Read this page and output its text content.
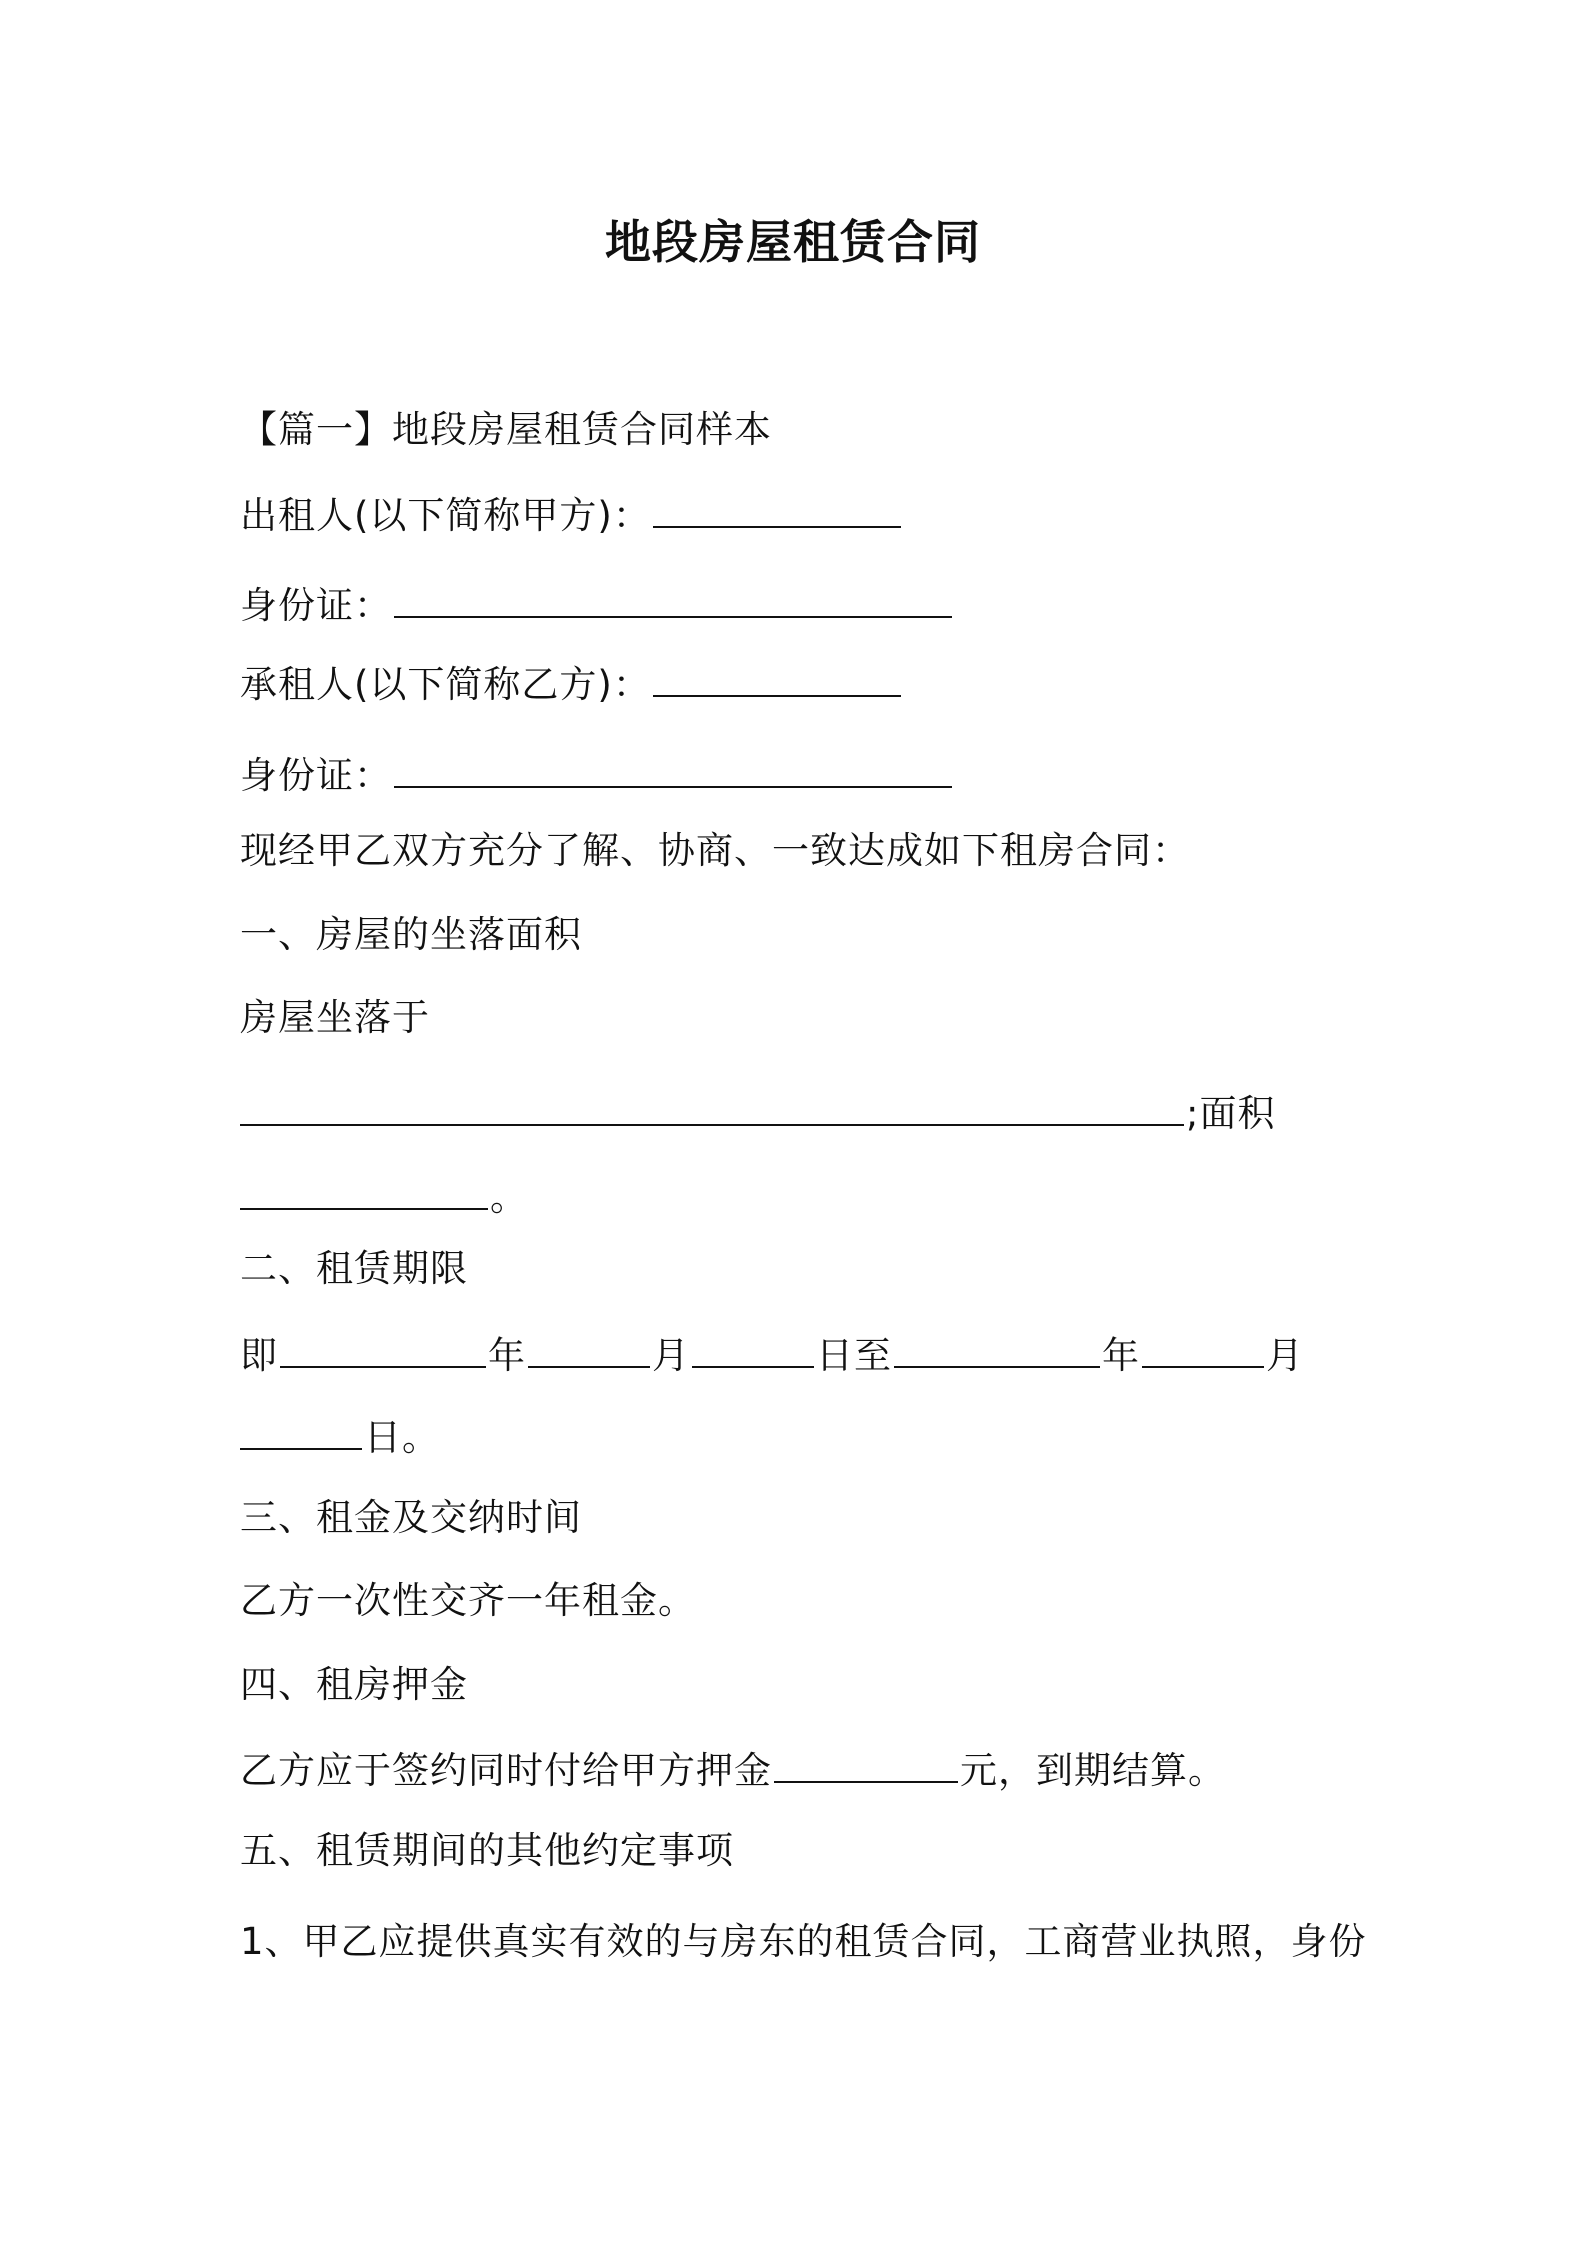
地段房屋租赁合同
【篇一】地段房屋租赁合同样本
出租人(以下简称甲方)：
身份证：
承租人(以下简称乙方)：
身份证：
现经甲乙双方充分了解、协商、一致达成如下租房合同：
一、房屋的坐落面积
房屋坐落于
;面积
。
二、租赁期限
即	年	月	日至	年	月
日。
三、租金及交纳时间
乙方一次性交齐一年租金。
四、租房押金
乙方应于签约同时付给甲方押金	元，到期结算。
五、租赁期间的其他约定事项
1、甲乙应提供真实有效的与房东的租赁合同，工商营业执照，身份
